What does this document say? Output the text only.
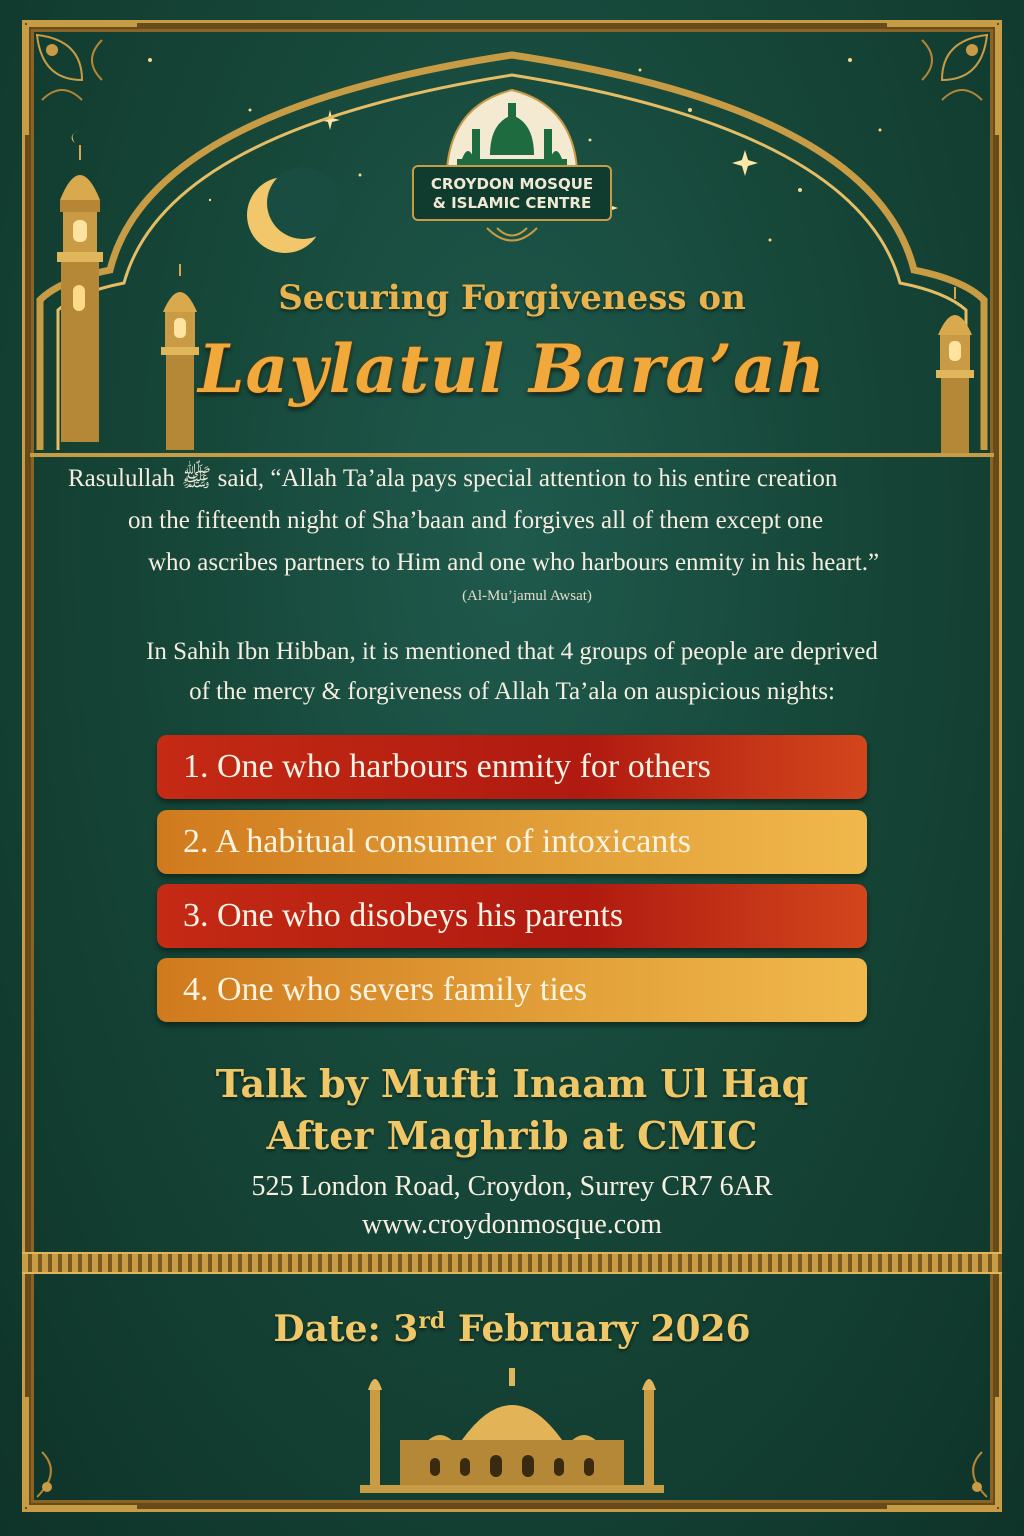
CROYDON MOSQUE
& ISLAMIC CENTRE
Securing Forgiveness on
Laylatul Bara’ah
Rasulullah ﷺ said, “Allah Ta’ala pays special attention to his entire creation
on the fifteenth night of Sha’baan and forgives all of them except one
who ascribes partners to Him and one who harbours enmity in his heart.”
(Al-Mu’jamul Awsat)
In Sahih Ibn Hibban, it is mentioned that 4 groups of people are deprived
of the mercy & forgiveness of Allah Ta’ala on auspicious nights:
1. One who harbours enmity for others
2. A habitual consumer of intoxicants
3. One who disobeys his parents
4. One who severs family ties
Talk by Mufti Inaam Ul Haq
After Maghrib at CMIC
525 London Road, Croydon, Surrey CR7 6AR
www.croydonmosque.com
Date: 3rd February 2026
